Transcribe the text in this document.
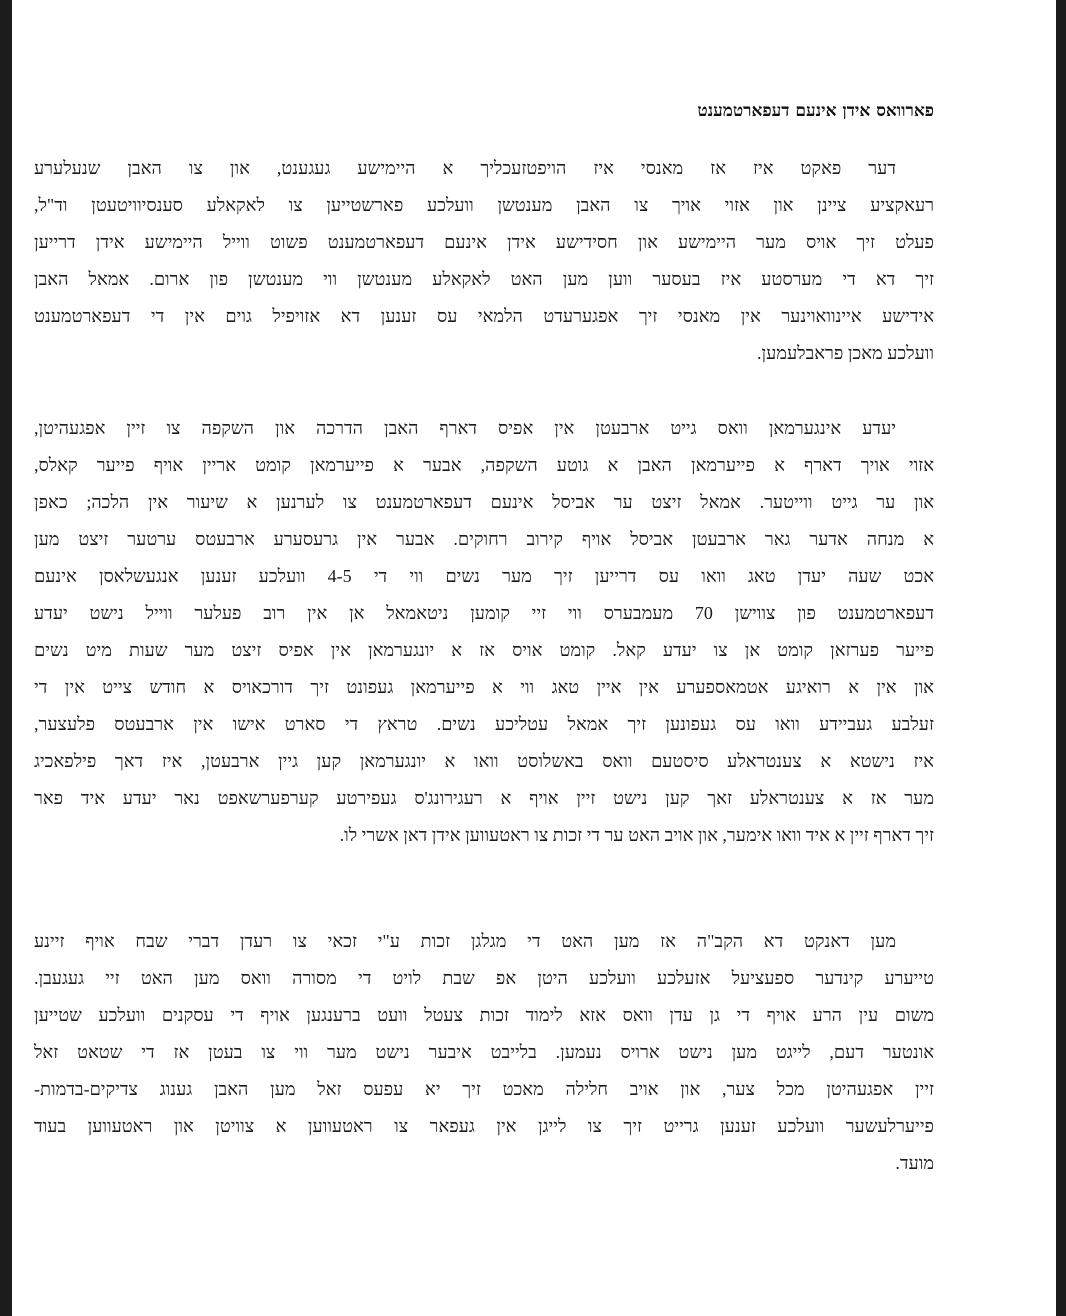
פארוואס אידן אינעם דעפארטמענט
דער פאקט איז אז מאנסי איז הויפטזעכליך א היימישע געגענט, און צו האבן שנעלערע
רעאקציע ציינן און אזוי אויך צו האבן מענטשן וועלכע פארשטייען צו לאקאלע סענסיוויטעטן וד"ל,
פעלט זיך אויס מער היימישע און חסידישע אידן אינעם דעפארטמענט פשוט ווייל היימישע אידן דרייען
זיך דא די מערסטע איז בעסער ווען מען האט לאקאלע מענטשן ווי מענטשן פון ארום. אמאל האבן
אידישע איינוואוינער אין מאנסי זיך אפגערעדט הלמאי עס זענען דא אזויפיל גוים אין די דעפארטמענט
וועלכע מאכן פראבלעמען.
יעדע אינגערמאן וואס גייט ארבעטן אין אפיס דארף האבן הדרכה און השקפה צו זיין אפגעהיטן,
אזוי אויך דארף א פייערמאן האבן א גוטע השקפה, אבער א פייערמאן קומט אריין אויף פייער קאלס,
און ער גייט ווייטער. אמאל זיצט ער אביסל אינעם דעפארטמענט צו לערנען א שיעור אין הלכה; כאפן
א מנחה אדער גאר ארבעטן אביסל אויף קירוב רחוקים. אבער אין גרעסערע ארבעטס ערטער זיצט מען
אכט שעה יעדן טאג וואו עס דרייען זיך מער נשים ווי די 4-5 וועלכע זענען אנגעשלאסן אינעם
דעפארטמענט פון צווישן 70 מעמבערס ווי זיי קומען ניטאמאל אן אין רוב פעלער ווייל נישט יעדע
פייער פערזאן קומט אן צו יעדע קאל. קומט אויס אז א יונגערמאן אין אפיס זיצט מער שעות מיט נשים
און אין א רואיגע אטמאספערע אין איין טאג ווי א פייערמאן געפונט זיך דורכאויס א חודש צייט אין די
זעלבע געביידע וואו עס געפונען זיך אמאל עטליכע נשים. טראץ די סארט אישו אין ארבעטס פלעצער,
איז נישטא א צענטראלע סיסטעם וואס באשלוסט וואו א יונגערמאן קען גיין ארבעטן, איז דאך פילפאכיג
מער אז א צענטראלע זאך קען נישט זיין אויף א רעגירונג'ס געפירטע קערפערשאפט נאר יעדע איד פאר
זיך דארף זיין א איד וואו אימער, און אויב האט ער די זכות צו ראטעווען אידן דאן אשרי לו.
מען דאנקט דא הקב"ה אז מען האט די מגלגן זכות ע"י זכאי צו רעדן דברי שבח אויף זיינע
טייערע קינדער ספעציעל אזעלכע וועלכע היטן אפ שבת לויט די מסורה וואס מען האט זיי געגעבן.
משום עין הרע אויף די גן עדן וואס אזא לימוד זכות צעטל וועט ברענגען אויף די עסקנים וועלכע שטייען
אונטער דעם, לייגט מען נישט ארויס נעמען. בלייבט איבער נישט מער ווי צו בעטן אז די שטאט זאל
זיין אפגעהיטן מכל צער, און אויב חלילה מאכט זיך יא עפעס זאל מען האבן גענוג צדיקים-בדמות-
פייערלעשער וועלכע זענען גרייט זיך צו לייגן אין געפאר צו ראטעווען א צוויטן און ראטעווען בעוד
מועד.
